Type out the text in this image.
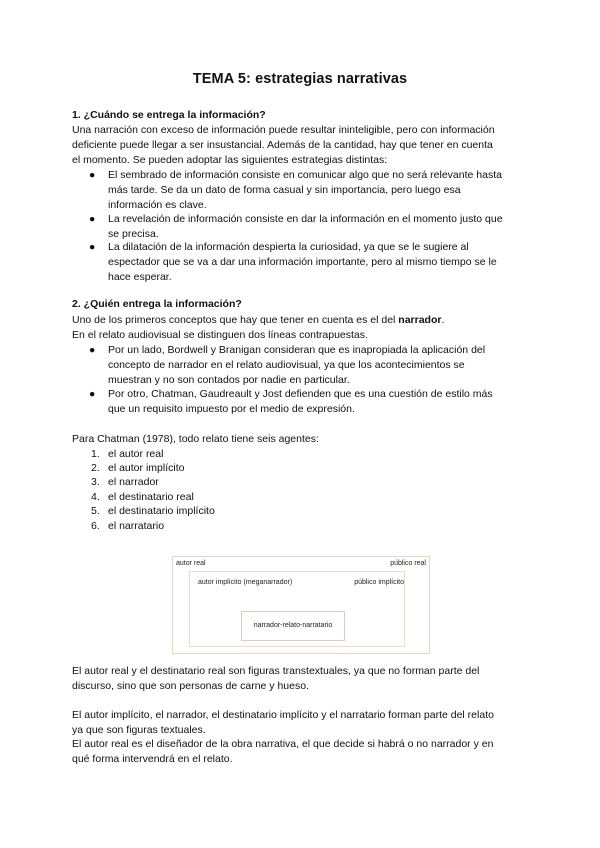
TEMA 5: estrategias narrativas
1. ¿Cuándo se entrega la información?
Una narración con exceso de información puede resultar ininteligible, pero con información
deficiente puede llegar a ser insustancial. Además de la cantidad, hay que tener en cuenta
el momento. Se pueden adoptar las siguientes estrategias distintas:
● El sembrado de información consiste en comunicar algo que no será relevante hasta
más tarde. Se da un dato de forma casual y sin importancia, pero luego esa
información es clave.
● La revelación de información consiste en dar la información en el momento justo que
se precisa.
● La dilatación de la información despierta la curiosidad, ya que se le sugiere al
espectador que se va a dar una información importante, pero al mismo tiempo se le
hace esperar.
2. ¿Quién entrega la información?
Uno de los primeros conceptos que hay que tener en cuenta es el del narrador.
En el relato audiovisual se distinguen dos líneas contrapuestas.
● Por un lado, Bordwell y Branigan consideran que es inapropiada la aplicación del
concepto de narrador en el relato audiovisual, ya que los acontecimientos se
muestran y no son contados por nadie en particular.
● Por otro, Chatman, Gaudreault y Jost defienden que es una cuestión de estilo más
que un requisito impuesto por el medio de expresión.
Para Chatman (1978), todo relato tiene seis agentes:
1. el autor real
2. el autor implícito
3. el narrador
4. el destinatario real
5. el destinatario implícito
6. el narratario
autor real	público real
autor implícito (meganarrador)	público implícito
narrador-relato-narratario
El autor real y el destinatario real son figuras transtextuales, ya que no forman parte del
discurso, sino que son personas de carne y hueso.
El autor implícito, el narrador, el destinatario implícito y el narratario forman parte del relato
ya que son figuras textuales.
El autor real es el diseñador de la obra narrativa, el que decide si habrá o no narrador y en
qué forma intervendrá en el relato.
